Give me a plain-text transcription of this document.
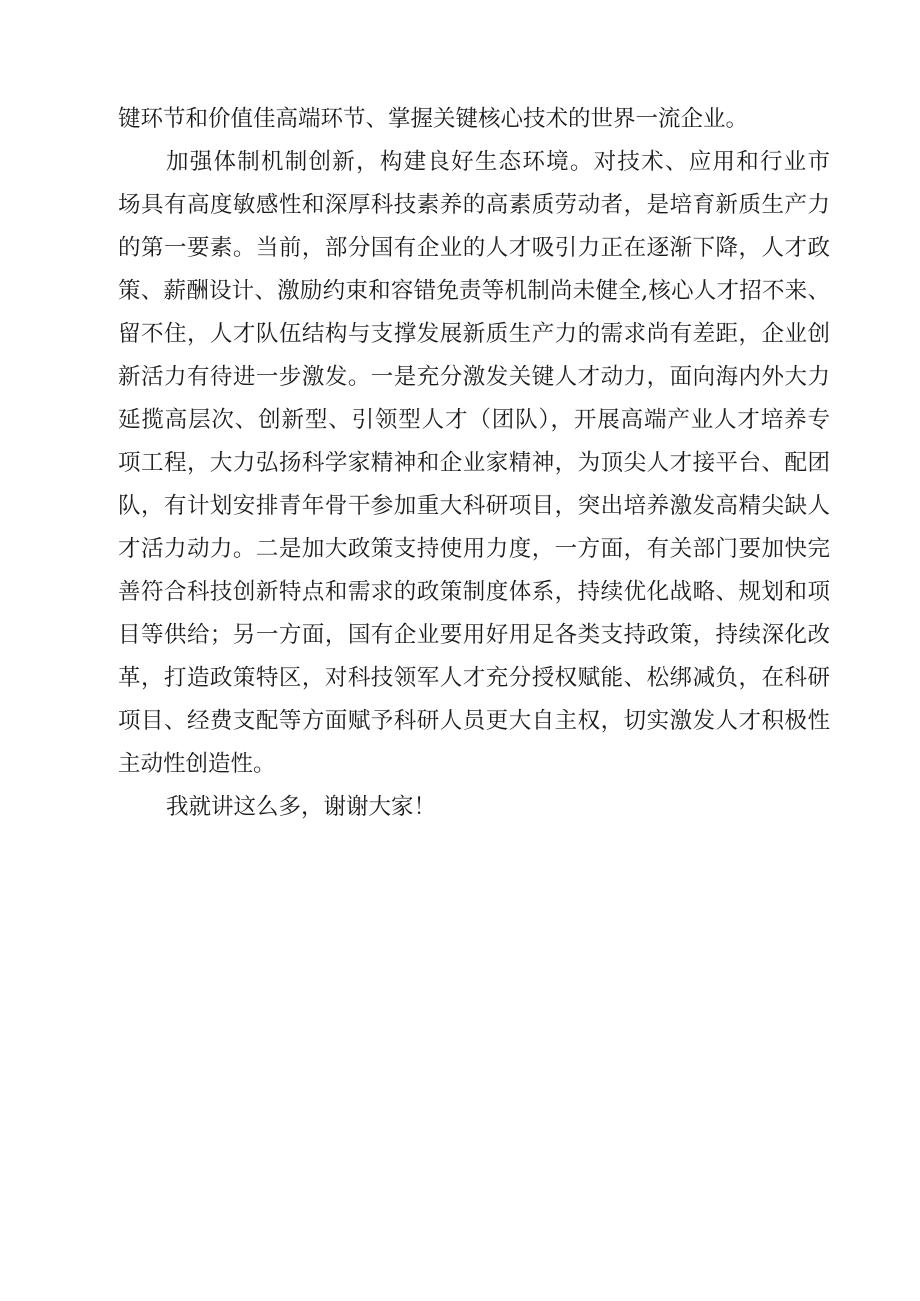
键环节和价值佳高端环节、掌握关键核心技术的世界一流企业。

加强体制机制创新，构建良好生态环境。对技术、应用和行业市

场具有高度敏感性和深厚科技素养的高素质劳动者，是培育新质生产力

的第一要素。当前，部分国有企业的人才吸引力正在逐渐下降，人才政

策、薪酬设计、激励约束和容错免责等机制尚未健全,核心人才招不来、

留不住，人才队伍结构与支撑发展新质生产力的需求尚有差距，企业创

新活力有待进一步激发。一是充分激发关键人才动力，面向海内外大力

延揽高层次、创新型、引领型人才（团队），开展高端产业人才培养专

项工程，大力弘扬科学家精神和企业家精神，为顶尖人才接平台、配团

队，有计划安排青年骨干参加重大科研项目，突出培养激发高精尖缺人

才活力动力。二是加大政策支持使用力度，一方面，有关部门要加快完

善符合科技创新特点和需求的政策制度体系，持续优化战略、规划和项

目等供给；另一方面，国有企业要用好用足各类支持政策，持续深化改

革，打造政策特区，对科技领军人才充分授权赋能、松绑减负，在科研

项目、经费支配等方面赋予科研人员更大自主权，切实激发人才积极性

主动性创造性。

我就讲这么多，谢谢大家！
